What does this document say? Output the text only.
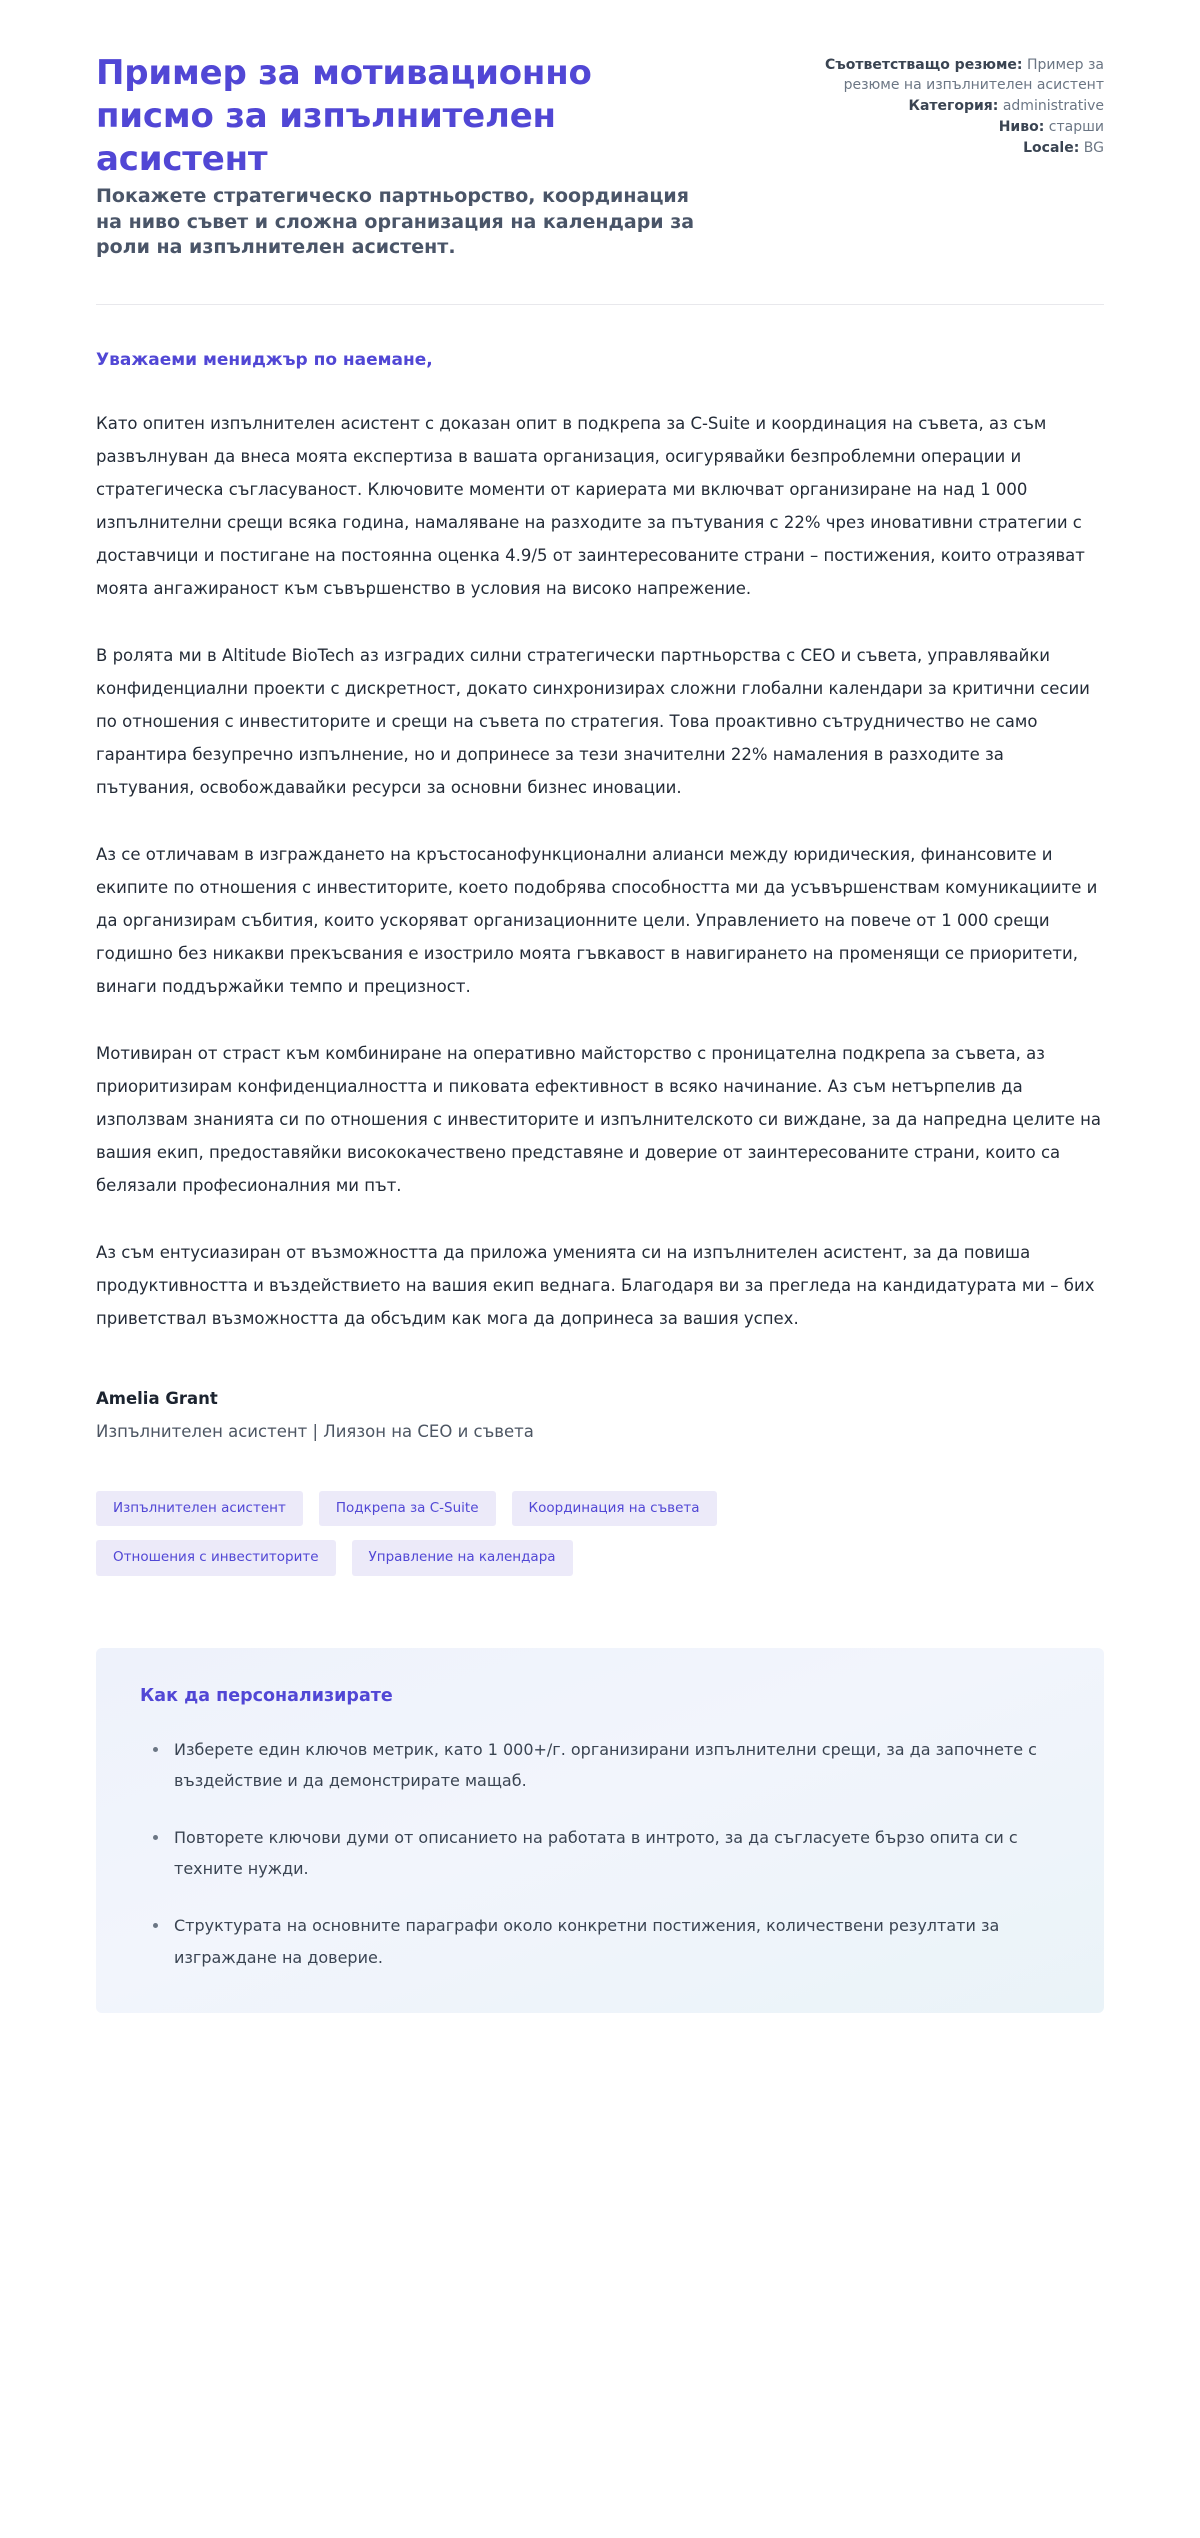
Пример за мотивационно писмо за изпълнителен асистент

Покажете стратегическо партньорство, координация на ниво съвет и сложна организация на календари за роли на изпълнителен асистент.

Съответстващо резюме: Пример за резюме на изпълнителен асистент
Категория: administrative
Ниво: старши
Locale: BG

Уважаеми мениджър по наемане,

Като опитен изпълнителен асистент с доказан опит в подкрепа за C-Suite и координация на съвета, аз съм развълнуван да внеса моята експертиза в вашата организация, осигурявайки безпроблемни операции и стратегическа съгласуваност. Ключовите моменти от кариерата ми включват организиране на над 1 000 изпълнителни срещи всяка година, намаляване на разходите за пътувания с 22% чрез иновативни стратегии с доставчици и постигане на постоянна оценка 4.9/5 от заинтересованите страни – постижения, които отразяват моята ангажираност към съвършенство в условия на високо напрежение.

В ролята ми в Altitude BioTech аз изградих силни стратегически партньорства с CEO и съвета, управлявайки конфиденциални проекти с дискретност, докато синхронизирах сложни глобални календари за критични сесии по отношения с инвеститорите и срещи на съвета по стратегия. Това проактивно сътрудничество не само гарантира безупречно изпълнение, но и допринесе за тези значителни 22% намаления в разходите за пътувания, освобождавайки ресурси за основни бизнес иновации.

Аз се отличавам в изграждането на кръстосанофункционални алианси между юридическия, финансовите и екипите по отношения с инвеститорите, което подобрява способността ми да усъвършенствам комуникациите и да организирам събития, които ускоряват организационните цели. Управлението на повече от 1 000 срещи годишно без никакви прекъсвания е изострило моята гъвкавост в навигирането на променящи се приоритети, винаги поддържайки темпо и прецизност.

Мотивиран от страст към комбиниране на оперативно майсторство с проницателна подкрепа за съвета, аз приоритизирам конфиденциалността и пиковата ефективност в всяко начинание. Аз съм нетърпелив да използвам знанията си по отношения с инвеститорите и изпълнителското си виждане, за да напредна целите на вашия екип, предоставяйки висококачествено представяне и доверие от заинтересованите страни, които са белязали професионалния ми път.

Аз съм ентусиазиран от възможността да приложа уменията си на изпълнителен асистент, за да повиша продуктивността и въздействието на вашия екип веднага. Благодаря ви за прегледа на кандидатурата ми – бих приветствал възможността да обсъдим как мога да допринеса за вашия успех.

Amelia Grant

Изпълнителен асистент | Лиязон на CEO и съвета

Изпълнителен асистент	Подкрепа за C-Suite	Координация на съвета
Отношения с инвеститорите	Управление на календара
Как да персонализирате
Изберете един ключов метрик, като 1 000+/г. организирани изпълнителни срещи, за да започнете с въздействие и да демонстрирате мащаб.
Повторете ключови думи от описанието на работата в интрото, за да съгласуете бързо опита си с техните нужди.
Структурата на основните параграфи около конкретни постижения, количествени резултати за изграждане на доверие.
